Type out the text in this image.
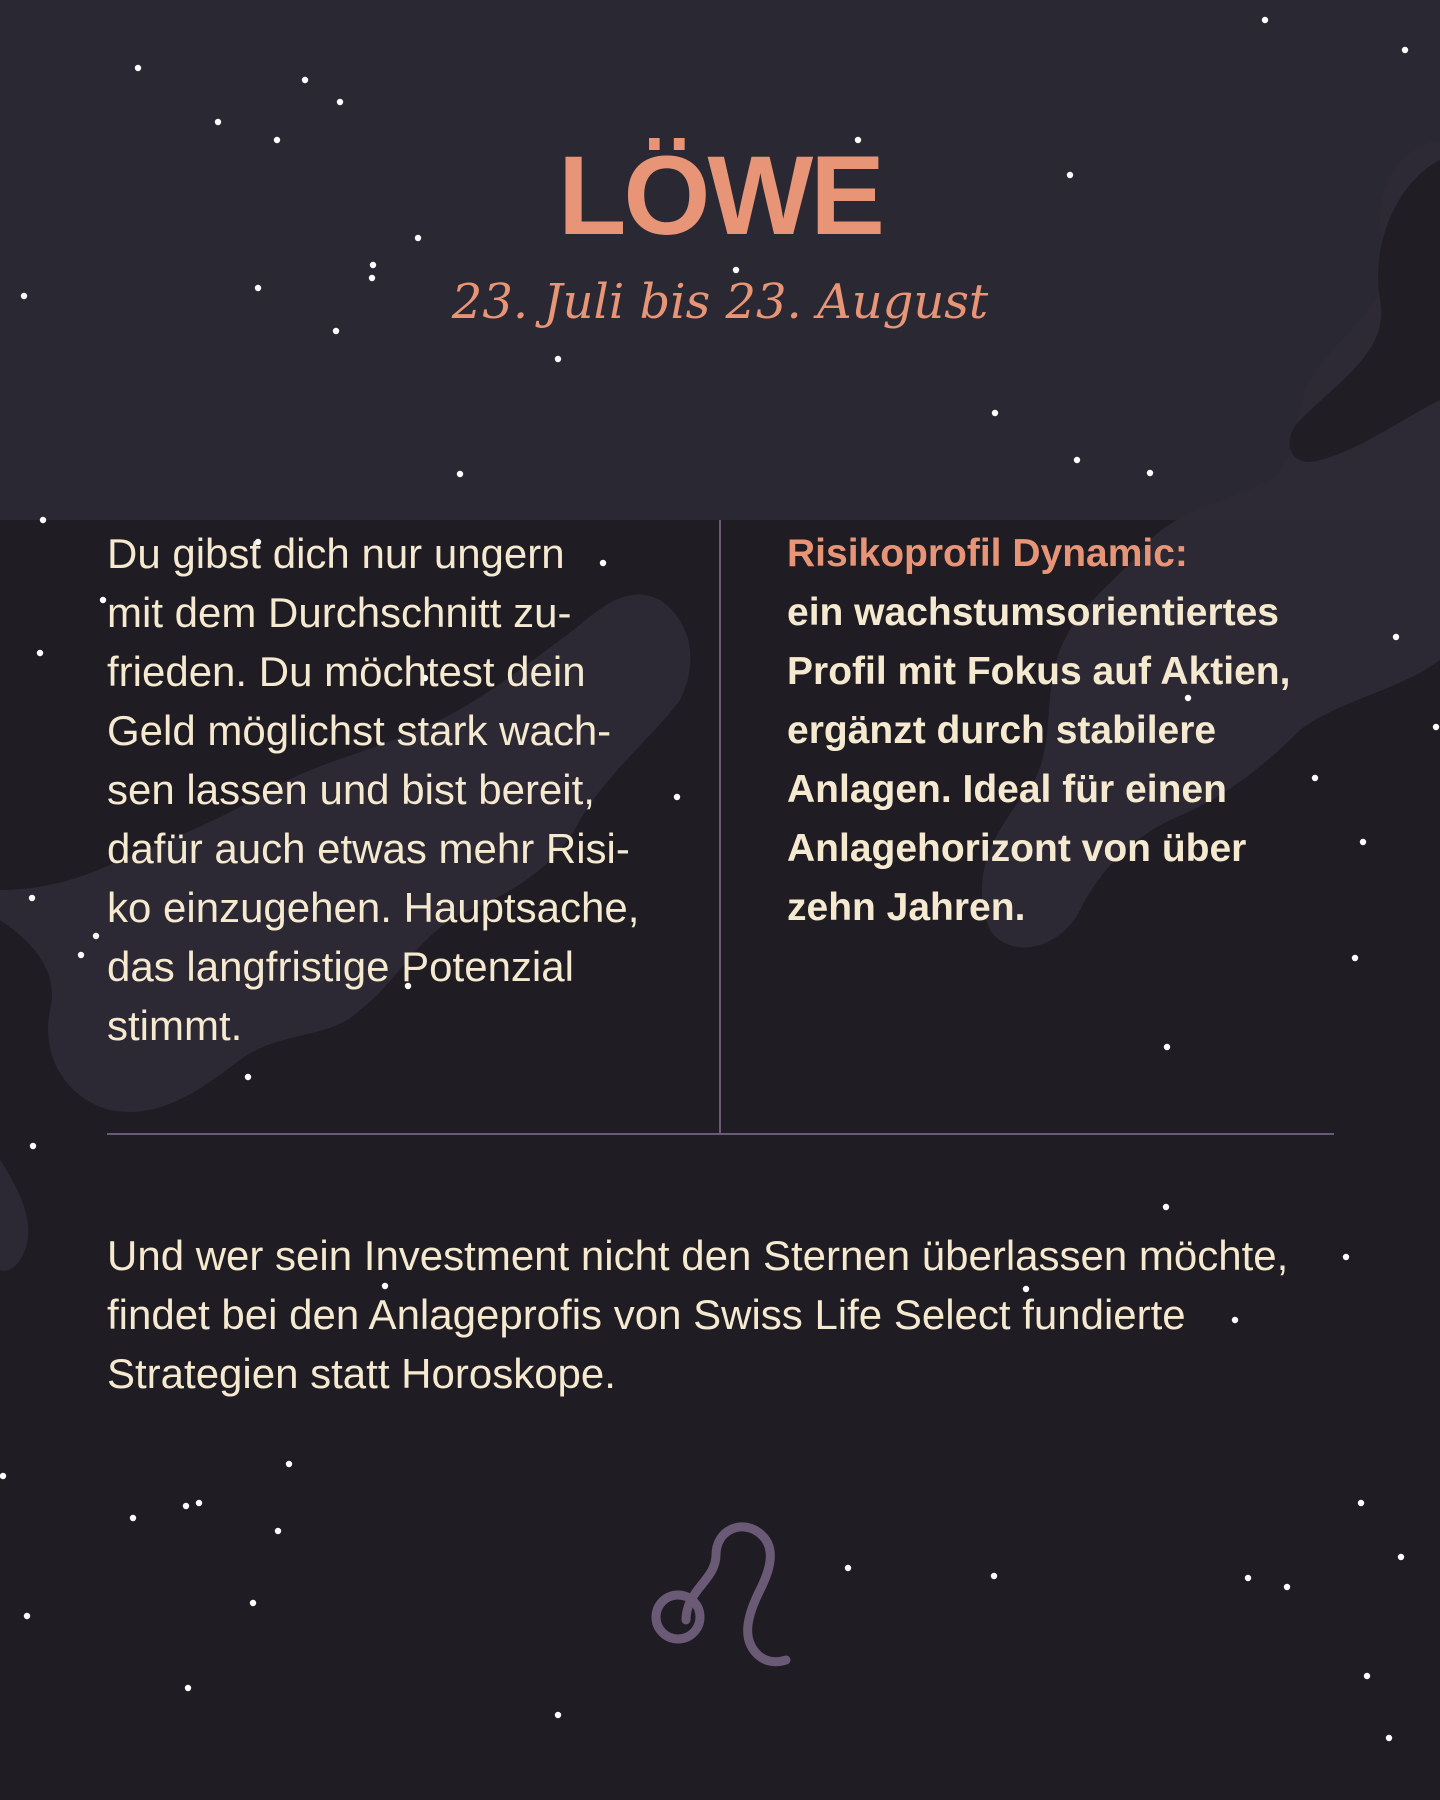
LÖWE
23. Juli bis 23. August
Du gibst dich nur ungern
mit dem Durchschnitt zu-
frieden. Du möchtest dein
Geld möglichst stark wach-
sen lassen und bist bereit,
dafür auch etwas mehr Risi-
ko einzugehen. Hauptsache,
das langfristige Potenzial
stimmt.
Risikoprofil Dynamic:
ein wachstumsorientiertes
Profil mit Fokus auf Aktien,
ergänzt durch stabilere
Anlagen. Ideal für einen
Anlagehorizont von über
zehn Jahren.
Und wer sein Investment nicht den Sternen überlassen möchte,
findet bei den Anlageprofis von Swiss Life Select fundierte
Strategien statt Horoskope.
